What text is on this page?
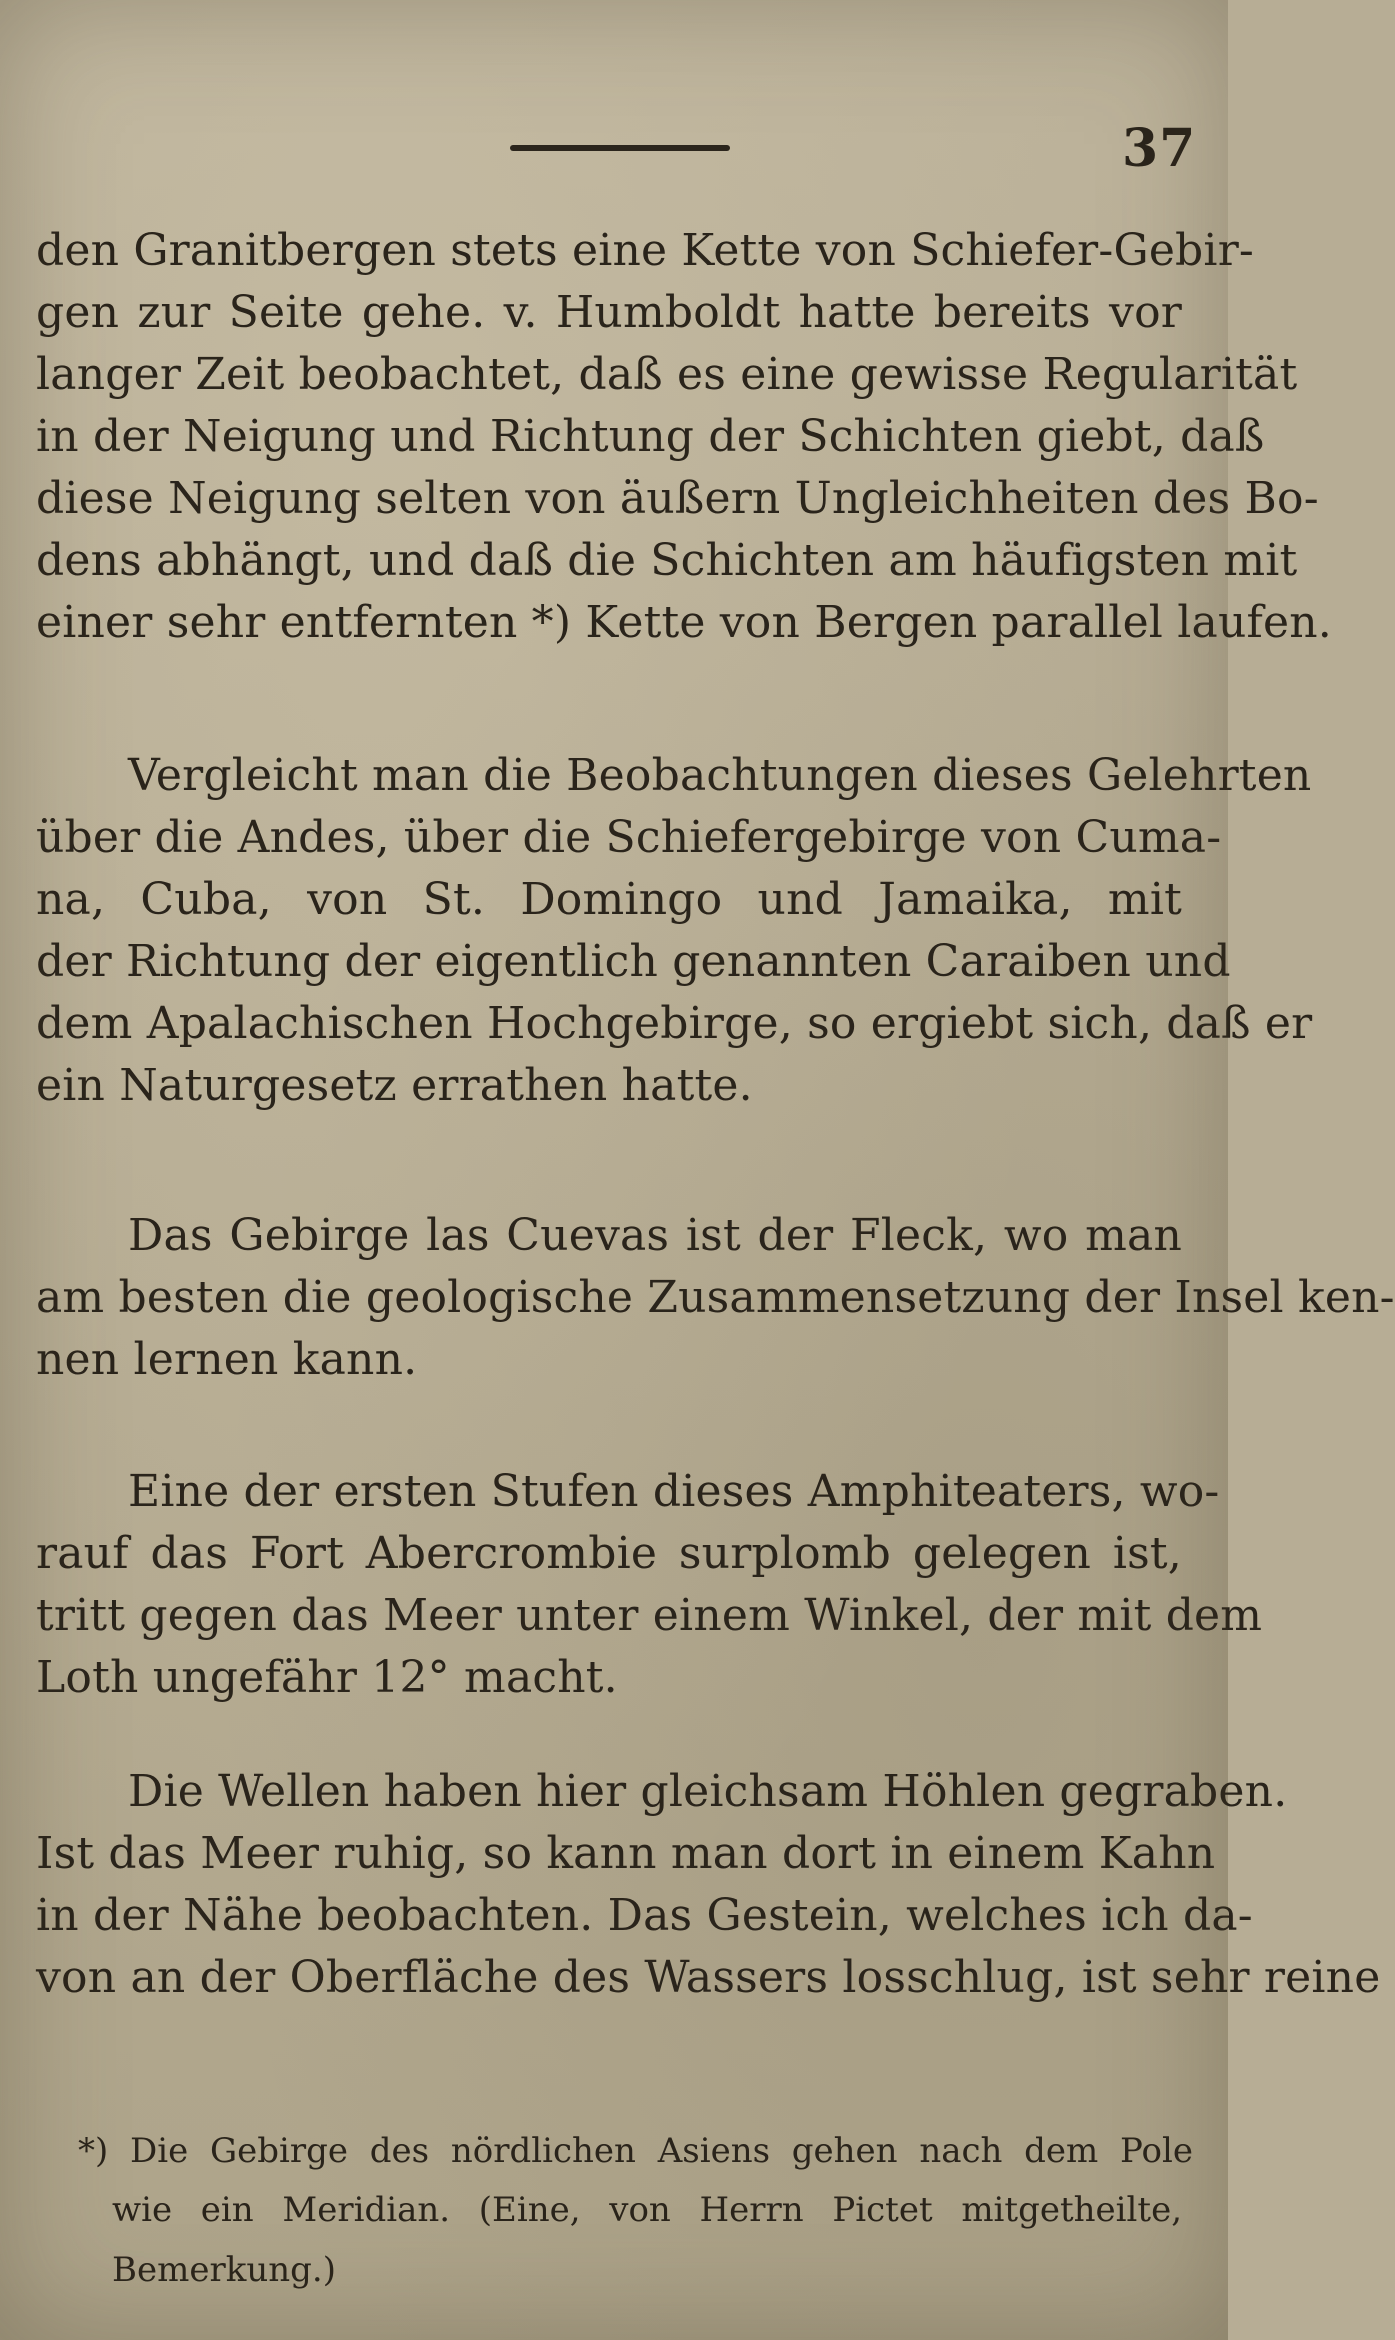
37
den Granitbergen stets eine Kette von Schiefer-Gebir-
gen zur Seite gehe. v. Humboldt hatte bereits vor
langer Zeit beobachtet, daß es eine gewisse Regularität
in der Neigung und Richtung der Schichten giebt, daß
diese Neigung selten von äußern Ungleichheiten des Bo-
dens abhängt, und daß die Schichten am häufigsten mit
einer sehr entfernten *) Kette von Bergen parallel laufen.
Vergleicht man die Beobachtungen dieses Gelehrten
über die Andes, über die Schiefergebirge von Cuma-
na, Cuba, von St. Domingo und Jamaika, mit
der Richtung der eigentlich genannten Caraiben und
dem Apalachischen Hochgebirge, so ergiebt sich, daß er
ein Naturgesetz errathen hatte.
Das Gebirge las Cuevas ist der Fleck, wo man
am besten die geologische Zusammensetzung der Insel ken-
nen lernen kann.
Eine der ersten Stufen dieses Amphiteaters, wo-
rauf das Fort Abercrombie surplomb gelegen ist,
tritt gegen das Meer unter einem Winkel, der mit dem
Loth ungefähr 12° macht.
Die Wellen haben hier gleichsam Höhlen gegraben.
Ist das Meer ruhig, so kann man dort in einem Kahn
in der Nähe beobachten. Das Gestein, welches ich da-
von an der Oberfläche des Wassers losschlug, ist sehr reine
*) Die Gebirge des nördlichen Asiens gehen nach dem Pole
wie ein Meridian. (Eine, von Herrn Pictet mitgetheilte,
Bemerkung.)
